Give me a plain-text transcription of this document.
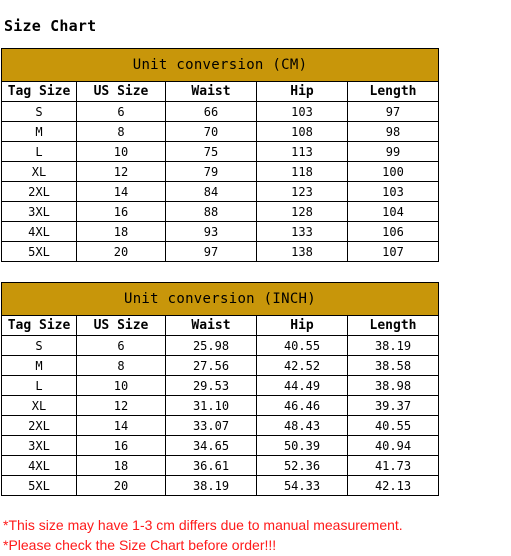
Size Chart
Unit conversion (CM)				
Tag Size	US Size	Waist	Hip	Length
S	6	66	103	97
M	8	70	108	98
L	10	75	113	99
XL	12	79	118	100
2XL	14	84	123	103
3XL	16	88	128	104
4XL	18	93	133	106
5XL	20	97	138	107
Unit conversion (INCH)				
Tag Size	US Size	Waist	Hip	Length
S	6	25.98	40.55	38.19
M	8	27.56	42.52	38.58
L	10	29.53	44.49	38.98
XL	12	31.10	46.46	39.37
2XL	14	33.07	48.43	40.55
3XL	16	34.65	50.39	40.94
4XL	18	36.61	52.36	41.73
5XL	20	38.19	54.33	42.13
*This size may have 1-3 cm differs due to manual measurement.
*Please check the Size Chart before order!!!
